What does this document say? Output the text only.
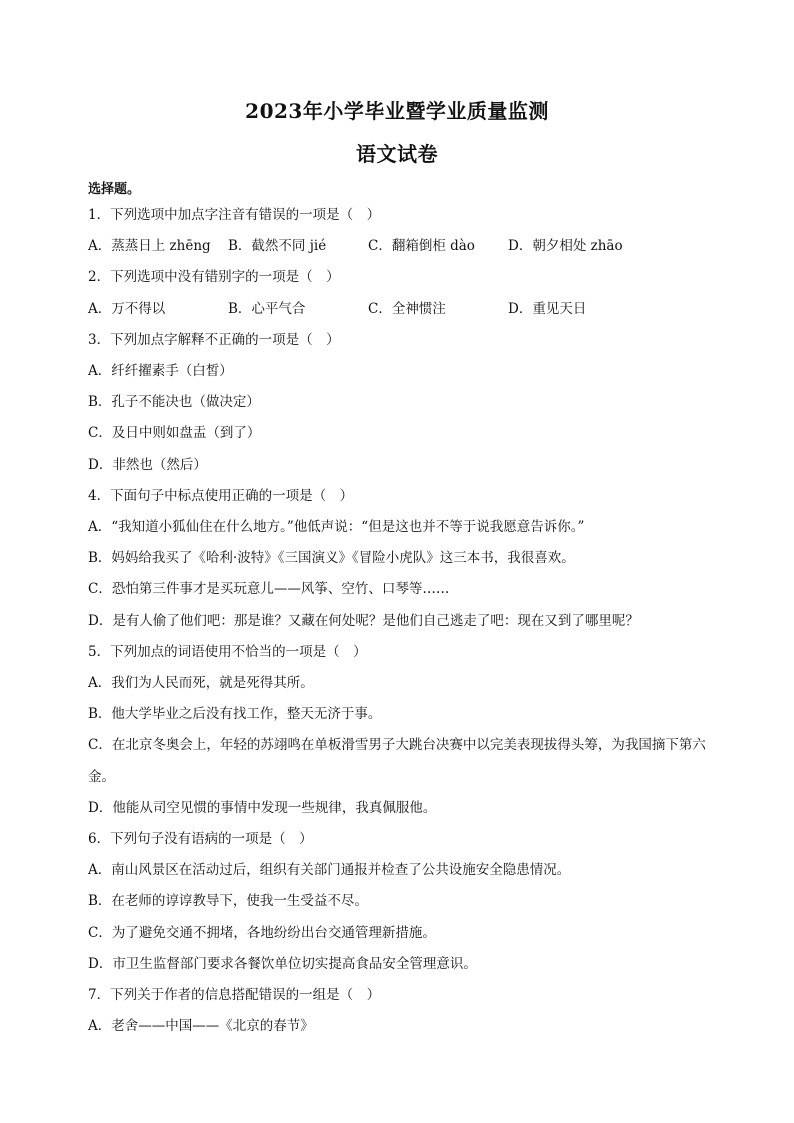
2023年小学毕业暨学业质量监测
语文试卷
选择题。
1．下列选项中加点字注音有错误的一项是（　）
A．蒸蒸日上 zhēng	B．截然不同 jié	C．翻箱倒柜 dào	D．朝夕相处 zhāo
2．下列选项中没有错别字的一项是（　）
A．万不得以	B．心平气合	C．全神惯注	D．重见天日
3．下列加点字解释不正确的一项是（　）
A．纤纤擢素手（白皙）
B．孔子不能决也（做决定）
C．及日中则如盘盂（到了）
D．非然也（然后）
4．下面句子中标点使用正确的一项是（　）
A．“我知道小狐仙住在什么地方。”他低声说：“但是这也并不等于说我愿意告诉你。”
B．妈妈给我买了《哈利·波特》《三国演义》《冒险小虎队》这三本书，我很喜欢。
C．恐怕第三件事才是买玩意儿——风筝、空竹、口琴等……
D．是有人偷了他们吧：那是谁？又藏在何处呢？是他们自己逃走了吧：现在又到了哪里呢？
5．下列加点的词语使用不恰当的一项是（　）
A．我们为人民而死，就是死得其所。
B．他大学毕业之后没有找工作，整天无济于事。
C．在北京冬奥会上，年轻的苏翊鸣在单板滑雪男子大跳台决赛中以完美表现拔得头筹，为我国摘下第六金。
D．他能从司空见惯的事情中发现一些规律，我真佩服他。
6．下列句子没有语病的一项是（　）
A．南山风景区在活动过后，组织有关部门通报并检查了公共设施安全隐患情况。
B．在老师的谆谆教导下，使我一生受益不尽。
C．为了避免交通不拥堵，各地纷纷出台交通管理新措施。
D．市卫生监督部门要求各餐饮单位切实提高食品安全管理意识。
7．下列关于作者的信息搭配错误的一组是（　）
A．老舍——中国——《北京的春节》
